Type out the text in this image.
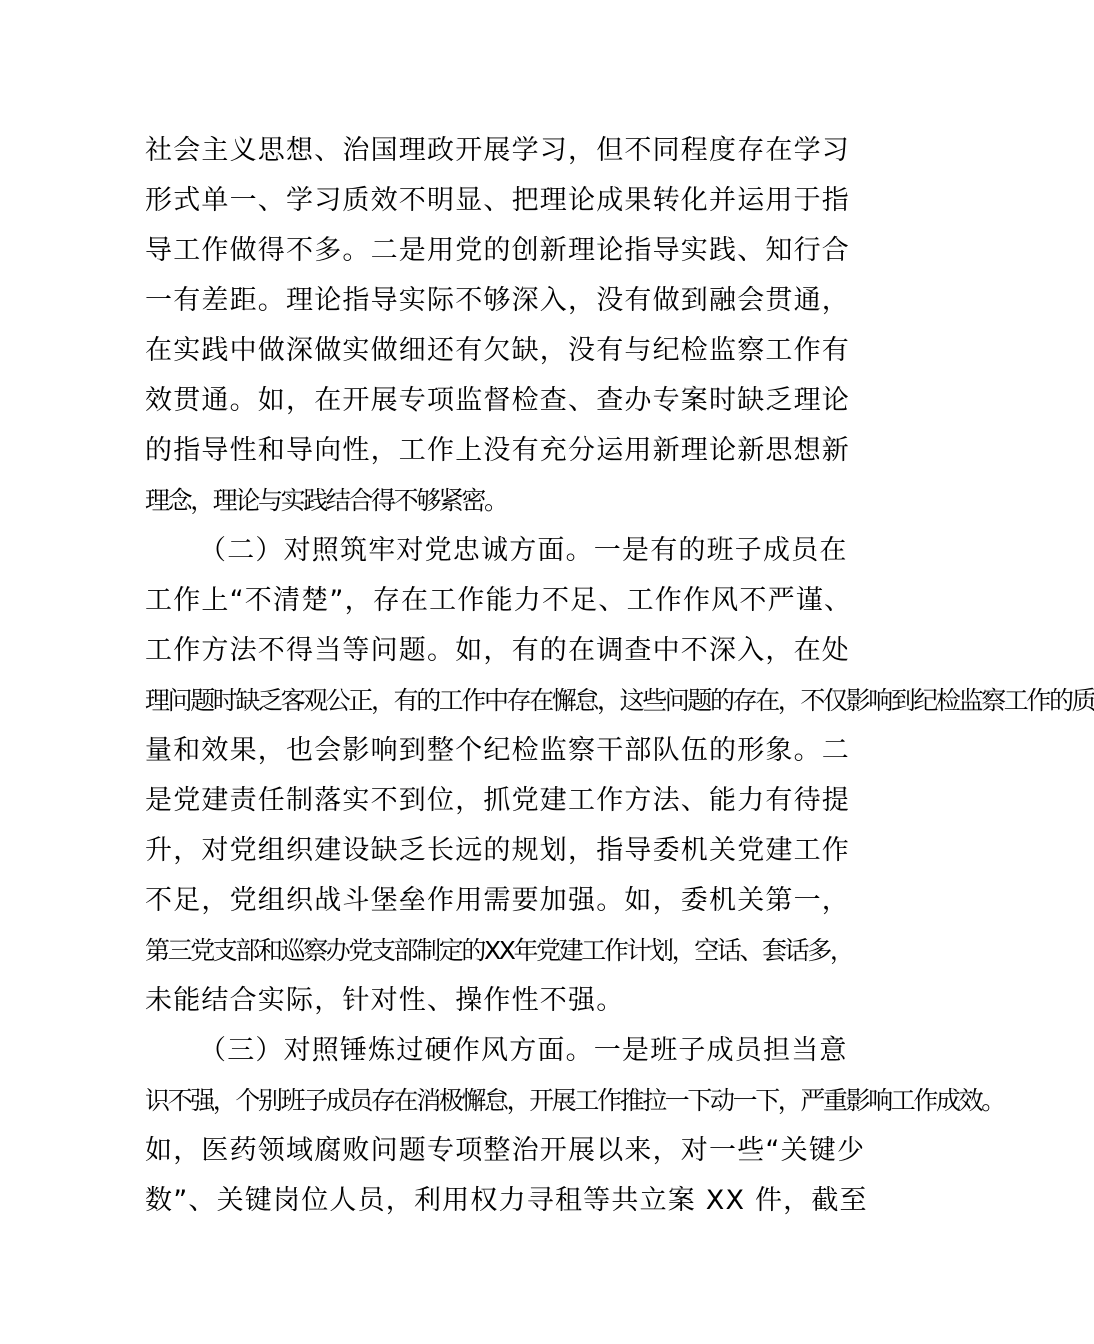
社会主义思想、治国理政开展学习，但不同程度存在学习
形式单一、学习质效不明显、把理论成果转化并运用于指
导工作做得不多。二是用党的创新理论指导实践、知行合
一有差距。理论指导实际不够深入，没有做到融会贯通，
在实践中做深做实做细还有欠缺，没有与纪检监察工作有
效贯通。如，在开展专项监督检查、查办专案时缺乏理论
的指导性和导向性，工作上没有充分运用新理论新思想新
理念，理论与实践结合得不够紧密。
（二）对照筑牢对党忠诚方面。一是有的班子成员在
工作上“不清楚”，存在工作能力不足、工作作风不严谨、
工作方法不得当等问题。如，有的在调查中不深入，在处
理问题时缺乏客观公正，有的工作中存在懈怠，这些问题的存在，不仅影响到纪检监察工作的质
量和效果，也会影响到整个纪检监察干部队伍的形象。二
是党建责任制落实不到位，抓党建工作方法、能力有待提
升，对党组织建设缺乏长远的规划，指导委机关党建工作
不足，党组织战斗堡垒作用需要加强。如，委机关第一，
第三党支部和巡察办党支部制定的XX年党建工作计划，空话、套话多，
未能结合实际，针对性、操作性不强。
（三）对照锤炼过硬作风方面。一是班子成员担当意
识不强，个别班子成员存在消极懈怠，开展工作推拉一下动一下，严重影响工作成效。
如，医药领域腐败问题专项整治开展以来，对一些“关键少
数”、关键岗位人员，利用权力寻租等共立案 XX 件，截至
